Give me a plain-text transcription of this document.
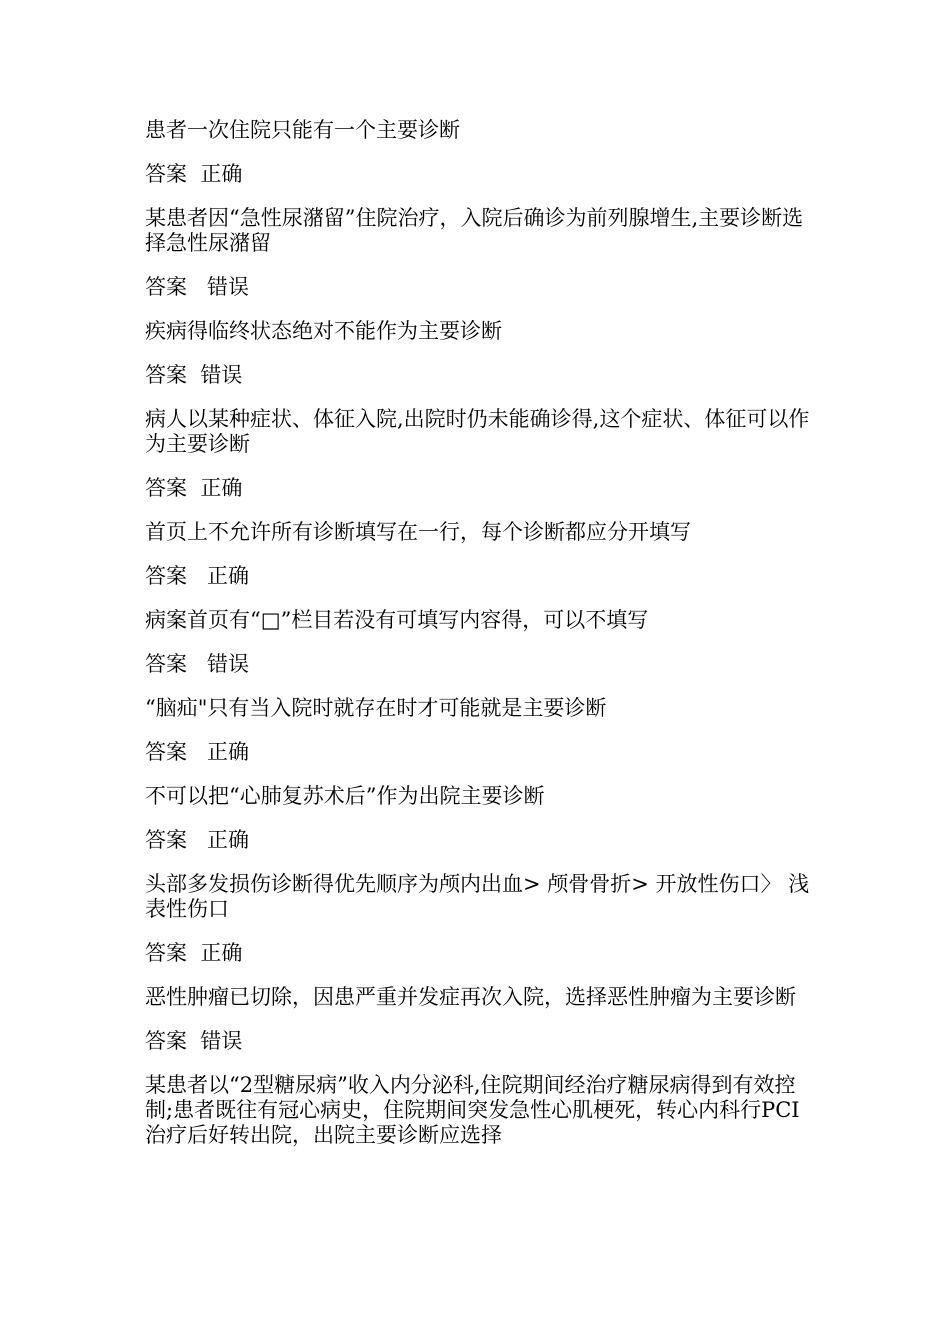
患者一次住院只能有一个主要诊断

答案  正确

某患者因“急性尿潴留”住院治疗，入院后确诊为前列腺增生,主要诊断选择急性尿潴留

答案   错误

疾病得临终状态绝对不能作为主要诊断

答案  错误

病人以某种症状、体征入院,出院时仍未能确诊得,这个症状、体征可以作为主要诊断

答案  正确

首页上不允许所有诊断填写在一行，每个诊断都应分开填写

答案   正确

病案首页有“□”栏目若没有可填写内容得，可以不填写

答案   错误

“脑疝"只有当入院时就存在时才可能就是主要诊断

答案   正确

不可以把“心肺复苏术后”作为出院主要诊断

答案   正确

头部多发损伤诊断得优先顺序为颅内出血> 颅骨骨折> 开放性伤口〉 浅表性伤口

答案  正确

恶性肿瘤已切除，因患严重并发症再次入院，选择恶性肿瘤为主要诊断

答案  错误

某患者以“2型糖尿病”收入内分泌科,住院期间经治疗糖尿病得到有效控制;患者既往有冠心病史，住院期间突发急性心肌梗死，转心内科行PCI治疗后好转出院，出院主要诊断应选择
